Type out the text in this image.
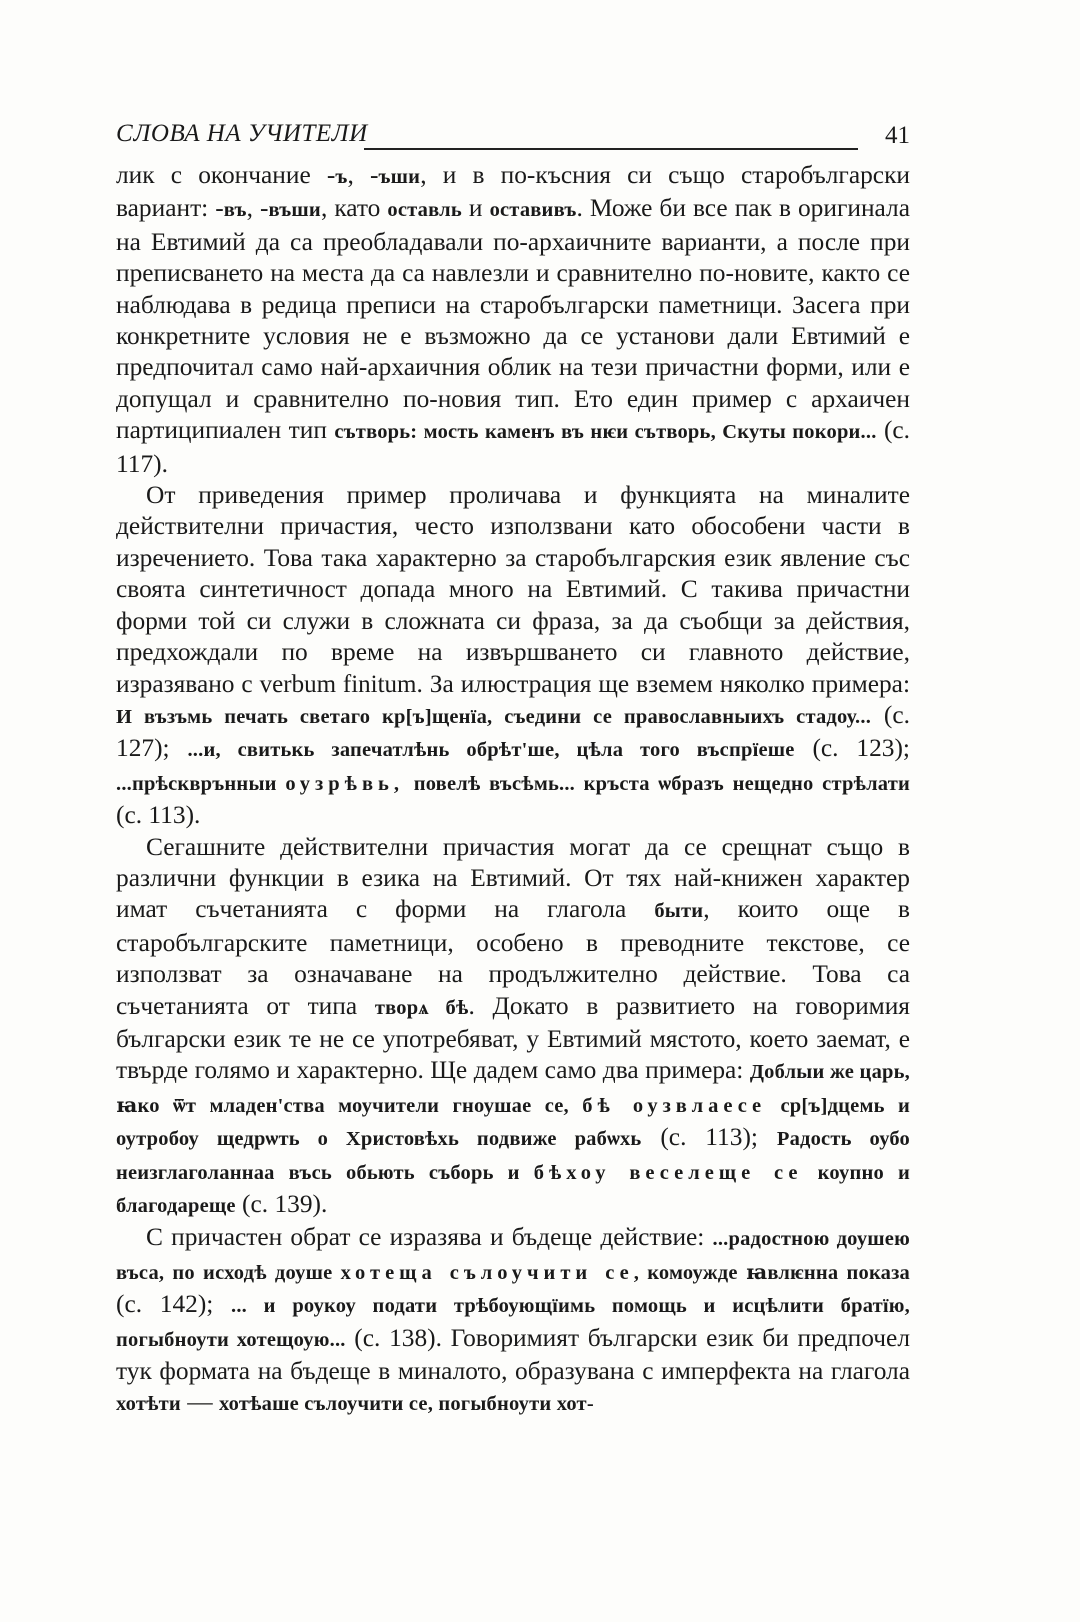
СЛОВА НА УЧИТЕЛИ	41

лик с окончание -ъ, -ъши, и в по-късния си също старобългарски вариант: -въ, -въши, като оставль и оставивъ. Може би все пак в оригинала на Евтимий да са преобладавали по-архаичните варианти, а после при преписването на места да са навлезли и сравнително по-новите, както се наблюдава в редица преписи на старобългарски паметници. Засега при конкретните условия не е възможно да се установи дали Евтимий е предпочитал само най-архаичния облик на тези причастни форми, или е допущал и сравнително по-новия тип. Ето един пример с архаичен партиципиален тип сътворь: мость каменъ въ нѥи сътворь, Скуты покори... (с. 117).

От приведения пример проличава и функцията на миналите действителни причастия, често използвани като обособени части в изречението. Това така характерно за старобългарския език явление със своята синтетичност допада много на Евтимий. С такива причастни форми той си служи в сложната си фраза, за да съобщи за действия, предхождали по време на извършването си главното действие, изразявано с verbum finitum. За илюстрация ще вземем няколко примера: И възъмь печать светаго кр[ъ]щенїа, съедини се православныихъ стадоу... (с. 127); ...и, свитькь запечатлѣнь обрѣт'ше, цѣла того въспрїеше (с. 123); ...прѣскврънныи оузрѣвь, повелѣ въсѣмь... кръста ѡбразъ нещедно стрѣлати (с. 113).

Сегашните действителни причастия могат да се срещнат също в различни функции в езика на Евтимий. От тях най-книжен характер имат съчетанията с форми на глагола быти, които още в старобългарските паметници, особено в преводните текстове, се използват за означаване на продължително действие. Това са съчетанията от типа творѧ бѣ. Докато в развитието на говоримия български език те не се употребяват, у Евтимий мястото, което заемат, е твърде голямо и характерно. Ще дадем само два примера: Доблыи же царь, ꙗко ѿт младен'ства моучители гноушае се, бѣ оузвлаесе ср[ъ]дцемь и оутробоу щедрѡть о Христовѣхь подвиже рабѡхь (с. 113); Радость оубо неизглаголаннаа въсь обьють съборь и бѣхоу веселеще се коупно и благодарещe (с. 139).

С причастен обрат се изразява и бъдеще действие: ...радостною доушею въса, по исходѣ доуше хотеща сълоучити се, комоужде ꙗвлѥнна показа (с. 142); ... и роукоу подати трѣбоующїимь помощь и исцѣлити братїю, погыбноути хотещоую... (с. 138). Говоримият български език би предпочел тук формата на бъдеще в миналото, образувана с имперфекта на глагола хотѣти — хотѣаше сълоучити се, погыбноути хот-
